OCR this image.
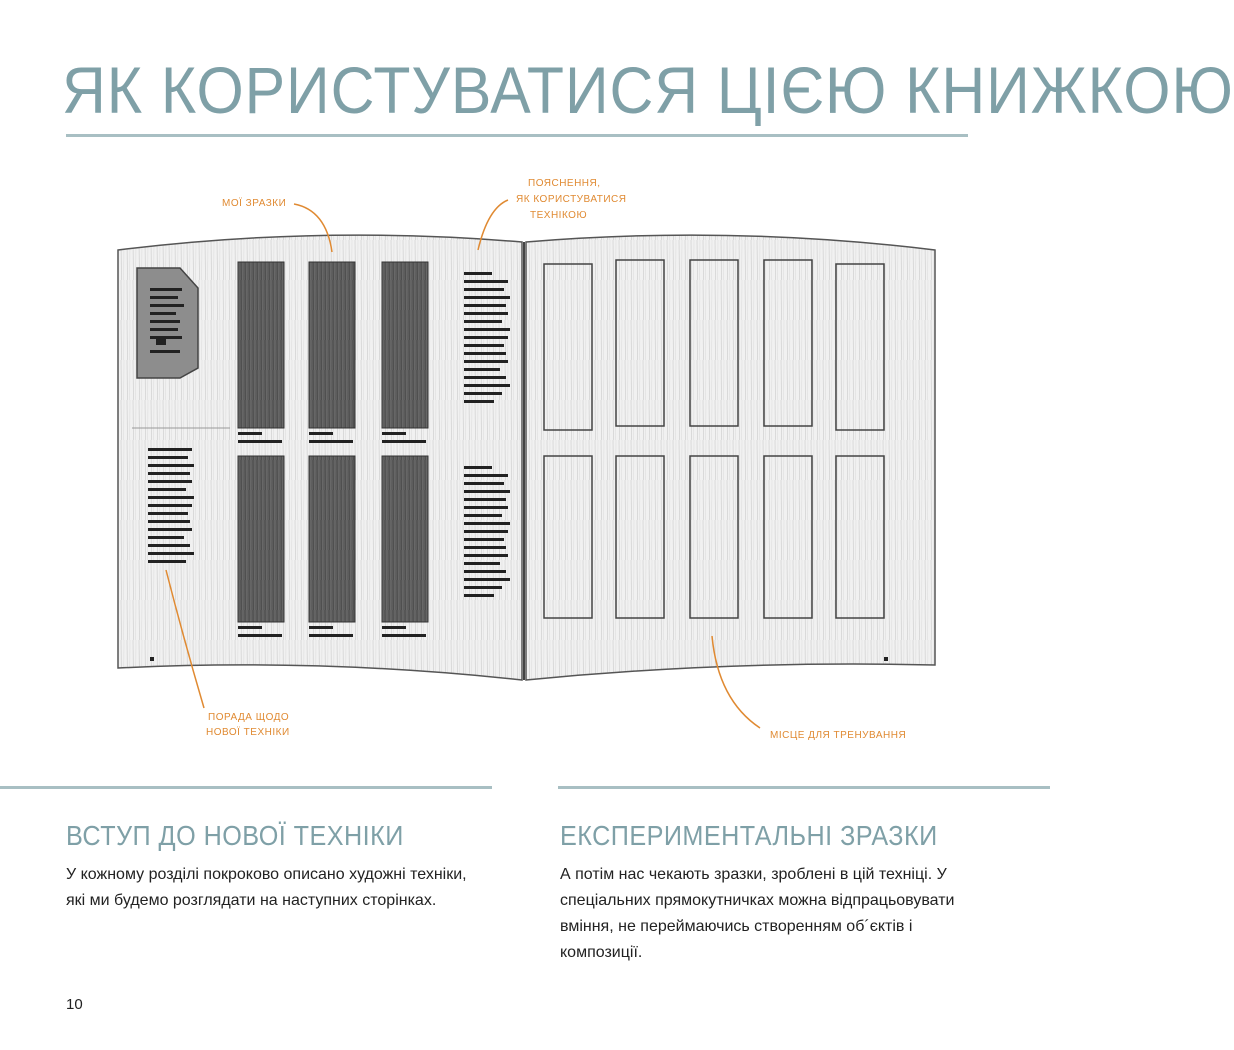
ЯК КОРИСТУВАТИСЯ ЦІЄЮ КНИЖКОЮ
МОЇ ЗРАЗКИ
ПОЯСНЕННЯ,
ЯК КОРИСТУВАТИСЯ
ТЕХНІКОЮ
ПОРАДА ЩОДО
НОВОЇ ТЕХНІКИ	МІСЦЕ ДЛЯ ТРЕНУВАННЯ
ВСТУП ДО НОВОЇ ТЕХНІКИ

У кожному розділі покроково описано художні техніки, які ми будемо розглядати на наступних сторінках.

ЕКСПЕРИМЕНТАЛЬНІ ЗРАЗКИ

А потім нас чекають зразки, зроблені в цій техніці. У спеціальних прямокутничках можна відпрацьовувати вміння, не переймаючись створенням об´єктів і композиції.

10
